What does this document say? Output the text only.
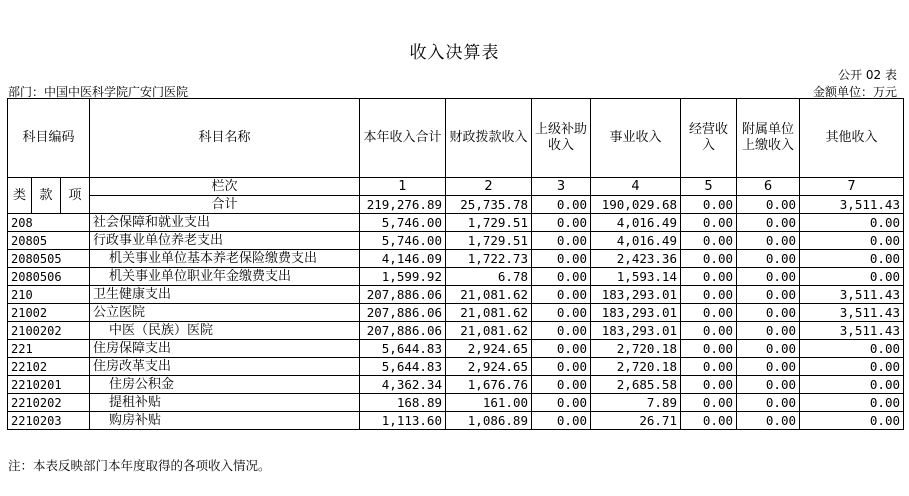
收入决算表
公开 02 表
部门：中国中医科学院广安门医院	金额单位：万元
科目编码			科目名称	本年收入合计	财政拨款收入	上级补助收入	事业收入	经营收入	附属单位上缴收入	其他收入
类	款	项	栏次	1	2	3	4	5	6	7
			合计	219,276.89	25,735.78	0.00	190,029.68	0.00	0.00	3,511.43
208			社会保障和就业支出	5,746.00	1,729.51	0.00	4,016.49	0.00	0.00	0.00
20805			行政事业单位养老支出	5,746.00	1,729.51	0.00	4,016.49	0.00	0.00	0.00
2080505			机关事业单位基本养老保险缴费支出	4,146.09	1,722.73	0.00	2,423.36	0.00	0.00	0.00
2080506			机关事业单位职业年金缴费支出	1,599.92	6.78	0.00	1,593.14	0.00	0.00	0.00
210			卫生健康支出	207,886.06	21,081.62	0.00	183,293.01	0.00	0.00	3,511.43
21002			公立医院	207,886.06	21,081.62	0.00	183,293.01	0.00	0.00	3,511.43
2100202			中医（民族）医院	207,886.06	21,081.62	0.00	183,293.01	0.00	0.00	3,511.43
221			住房保障支出	5,644.83	2,924.65	0.00	2,720.18	0.00	0.00	0.00
22102			住房改革支出	5,644.83	2,924.65	0.00	2,720.18	0.00	0.00	0.00
2210201			住房公积金	4,362.34	1,676.76	0.00	2,685.58	0.00	0.00	0.00
2210202			提租补贴	168.89	161.00	0.00	7.89	0.00	0.00	0.00
2210203			购房补贴	1,113.60	1,086.89	0.00	26.71	0.00	0.00	0.00
注：本表反映部门本年度取得的各项收入情况。
